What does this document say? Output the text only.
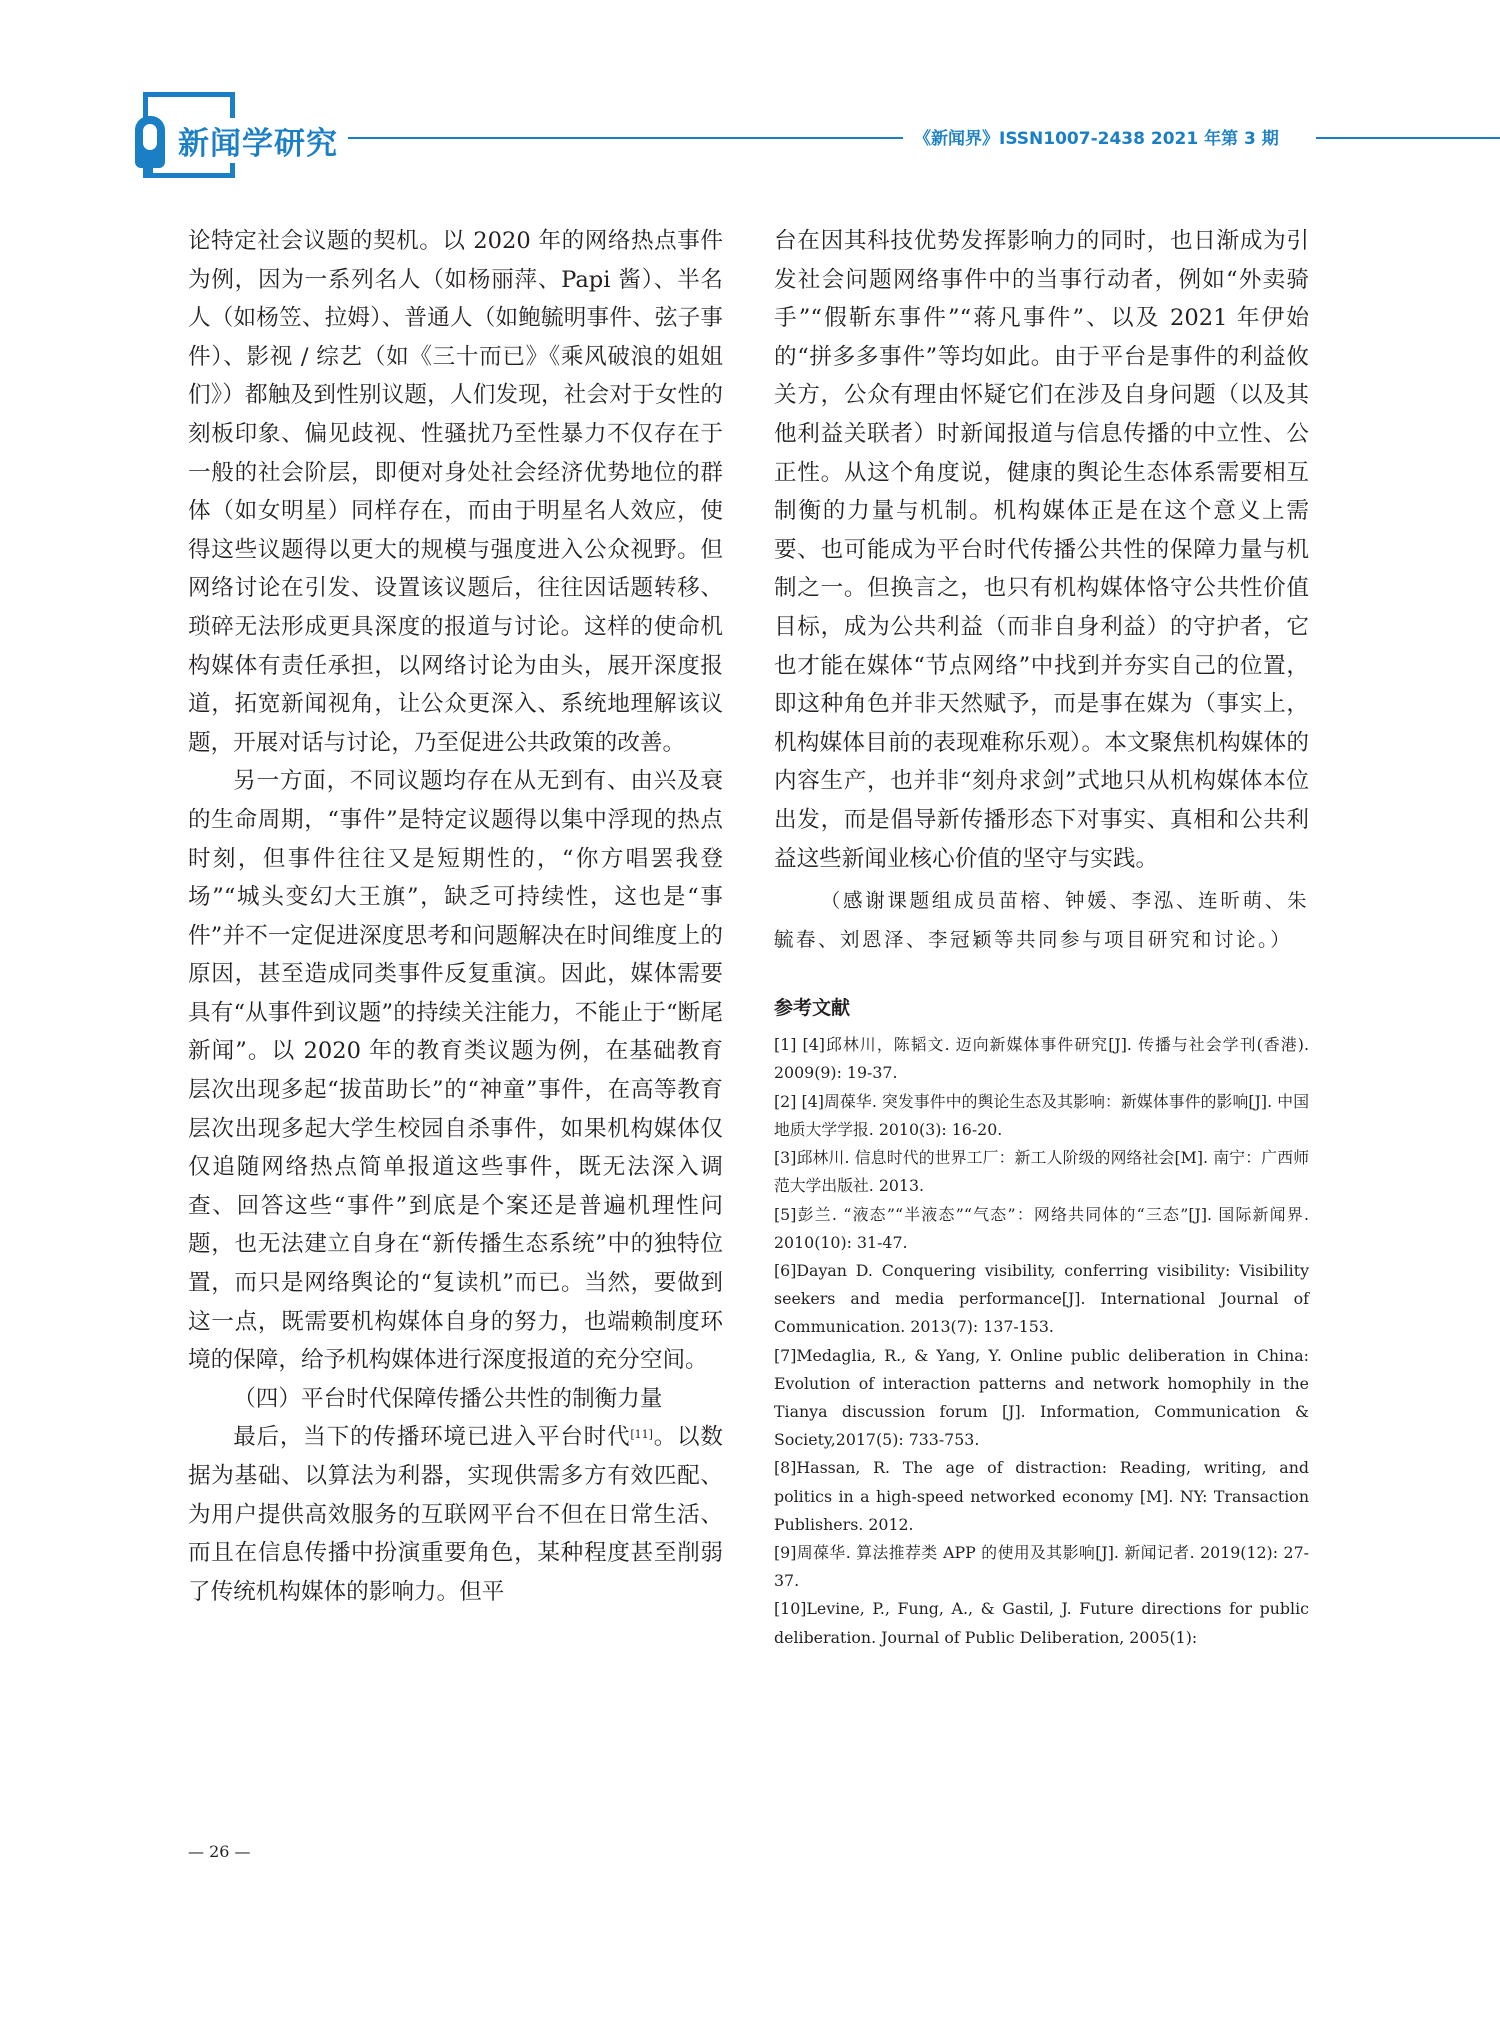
新闻学研究	《新闻界》ISSN1007-2438 2021 年第 3 期

论特定社会议题的契机。以 2020 年的网络热点事件为例，因为一系列名人（如杨丽萍、Papi 酱）、半名人（如杨笠、拉姆）、普通人（如鲍毓明事件、弦子事件）、影视 / 综艺（如《三十而已》《乘风破浪的姐姐们》）都触及到性别议题，人们发现，社会对于女性的刻板印象、偏见歧视、性骚扰乃至性暴力不仅存在于一般的社会阶层，即便对身处社会经济优势地位的群体（如女明星）同样存在，而由于明星名人效应，使得这些议题得以更大的规模与强度进入公众视野。但网络讨论在引发、设置该议题后，往往因话题转移、琐碎无法形成更具深度的报道与讨论。这样的使命机构媒体有责任承担，以网络讨论为由头，展开深度报道，拓宽新闻视角，让公众更深入、系统地理解该议题，开展对话与讨论，乃至促进公共政策的改善。

另一方面，不同议题均存在从无到有、由兴及衰的生命周期，“事件”是特定议题得以集中浮现的热点时刻，但事件往往又是短期性的，“你方唱罢我登场”“城头变幻大王旗”，缺乏可持续性，这也是“事件”并不一定促进深度思考和问题解决在时间维度上的原因，甚至造成同类事件反复重演。因此，媒体需要具有“从事件到议题”的持续关注能力，不能止于“断尾新闻”。以 2020 年的教育类议题为例，在基础教育层次出现多起“拔苗助长”的“神童”事件，在高等教育层次出现多起大学生校园自杀事件，如果机构媒体仅仅追随网络热点简单报道这些事件，既无法深入调查、回答这些“事件”到底是个案还是普遍机理性问题，也无法建立自身在“新传播生态系统”中的独特位置，而只是网络舆论的“复读机”而已。当然，要做到这一点，既需要机构媒体自身的努力，也端赖制度环境的保障，给予机构媒体进行深度报道的充分空间。

（四）平台时代保障传播公共性的制衡力量

最后，当下的传播环境已进入平台时代[11]。以数据为基础、以算法为利器，实现供需多方有效匹配、为用户提供高效服务的互联网平台不但在日常生活、而且在信息传播中扮演重要角色，某种程度甚至削弱了传统机构媒体的影响力。但平

台在因其科技优势发挥影响力的同时，也日渐成为引发社会问题网络事件中的当事行动者，例如“外卖骑手”“假靳东事件”“蒋凡事件”、以及 2021 年伊始的“拼多多事件”等均如此。由于平台是事件的利益攸关方，公众有理由怀疑它们在涉及自身问题（以及其他利益关联者）时新闻报道与信息传播的中立性、公正性。从这个角度说，健康的舆论生态体系需要相互制衡的力量与机制。机构媒体正是在这个意义上需要、也可能成为平台时代传播公共性的保障力量与机制之一。但换言之，也只有机构媒体恪守公共性价值目标，成为公共利益（而非自身利益）的守护者，它也才能在媒体“节点网络”中找到并夯实自己的位置，即这种角色并非天然赋予，而是事在媒为（事实上，机构媒体目前的表现难称乐观）。本文聚焦机构媒体的内容生产，也并非“刻舟求剑”式地只从机构媒体本位出发，而是倡导新传播形态下对事实、真相和公共利益这些新闻业核心价值的坚守与实践。

（感谢课题组成员苗榕、钟媛、李泓、连昕萌、朱毓春、刘恩泽、李冠颖等共同参与项目研究和讨论。）
参考文献

[1] [4]邱林川，陈韬文. 迈向新媒体事件研究[J]. 传播与社会学刊(香港). 2009(9): 19-37.

[2] [4]周葆华. 突发事件中的舆论生态及其影响：新媒体事件的影响[J]. 中国地质大学学报. 2010(3): 16-20.

[3]邱林川. 信息时代的世界工厂：新工人阶级的网络社会[M]. 南宁：广西师范大学出版社. 2013.

[5]彭兰. “液态”“半液态”“气态”：网络共同体的“三态”[J]. 国际新闻界. 2010(10): 31-47.

[6]Dayan D. Conquering visibility, conferring visibility: Visibility seekers and media performance[J]. International Journal of Communication. 2013(7): 137-153.

[7]Medaglia, R., & Yang, Y. Online public deliberation in China: Evolution of interaction patterns and network homophily in the Tianya discussion forum [J]. Information, Communication & Society,2017(5): 733-753.

[8]Hassan, R. The age of distraction: Reading, writing, and politics in a high-speed networked economy [M]. NY: Transaction Publishers. 2012.

[9]周葆华. 算法推荐类 APP 的使用及其影响[J]. 新闻记者. 2019(12): 27-37.

[10]Levine, P., Fung, A., & Gastil, J. Future directions for public deliberation. Journal of Public Deliberation, 2005(1):

— 26 —
